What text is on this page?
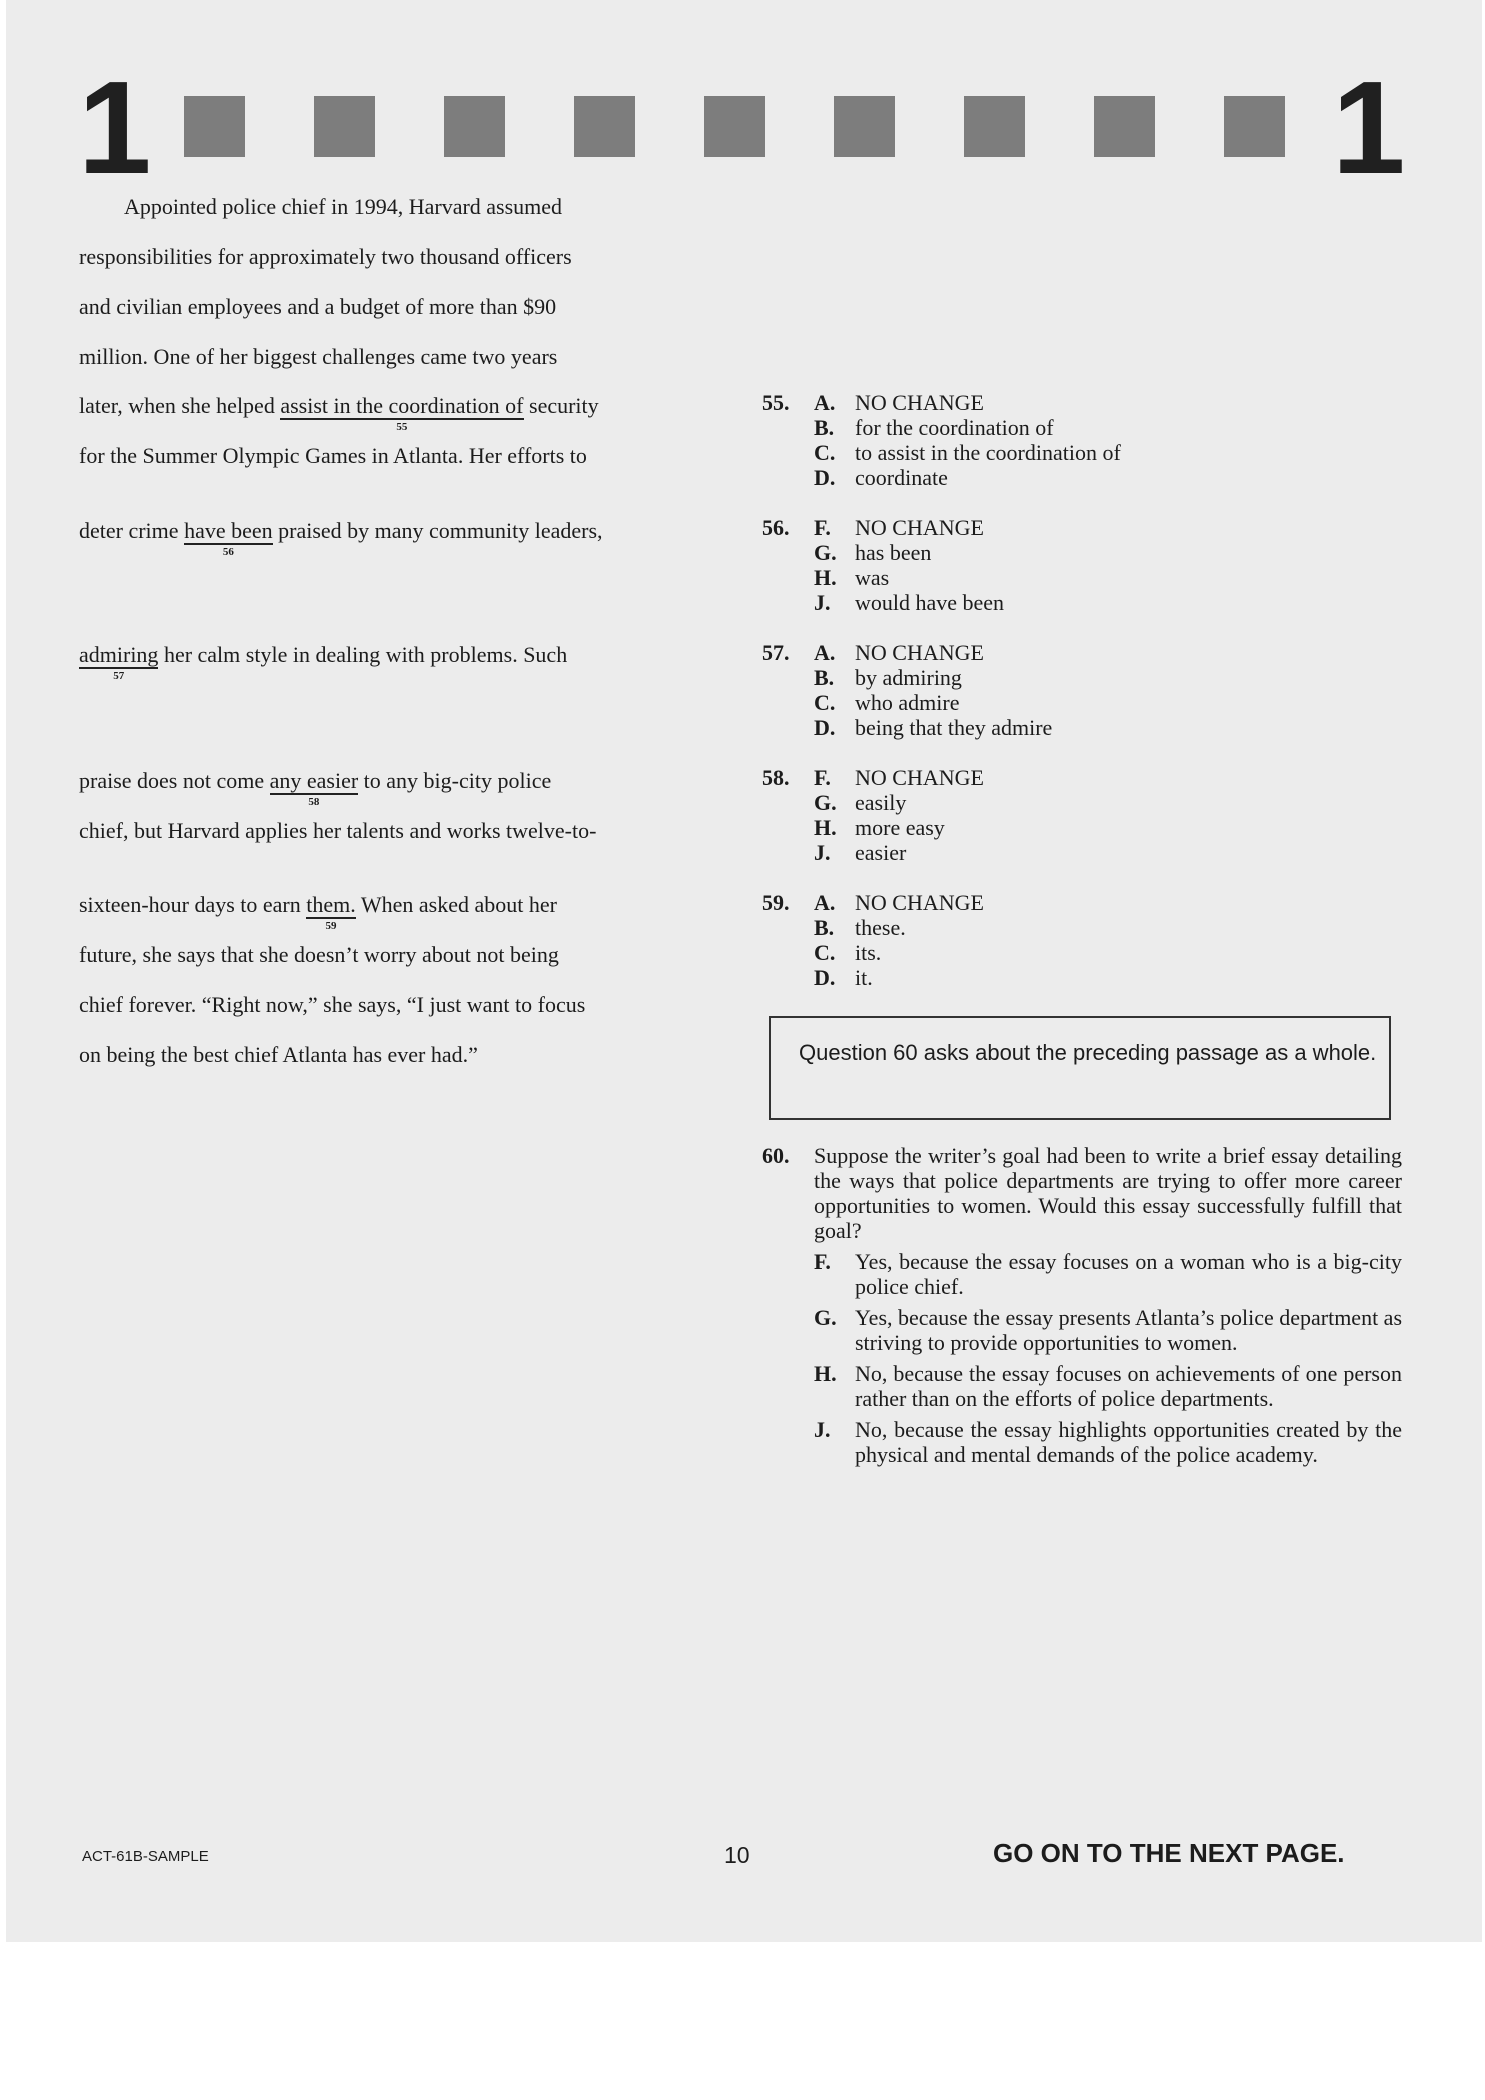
1	1
Appointed police chief in 1994, Harvard assumed
responsibilities for approximately two thousand officers
and civilian employees and a budget of more than $90
million. One of her biggest challenges came two years
later, when she helped assist in the coordination of
55
security
for the Summer Olympic Games in Atlanta. Her efforts to
deter crime have been
56
praised by many community leaders,
admiring
57
her calm style in dealing with problems. Such
praise does not come any easier
58
to any big-city police
chief, but Harvard applies her talents and works twelve-to-
sixteen-hour days to earn them.
59
When asked about her
future, she says that she doesn’t worry about not being
chief forever. “Right now,” she says, “I just want to focus
on being the best chief Atlanta has ever had.”
55. A. NO CHANGE
B. for the coordination of
C. to assist in the coordination of
D. coordinate
56. F. NO CHANGE
G. has been
H. was
J. would have been
57. A. NO CHANGE
B. by admiring
C. who admire
D. being that they admire
58. F. NO CHANGE
G. easily
H. more easy
J. easier
59. A. NO CHANGE
B. these.
C. its.
D. it.
Question 60 asks about the preceding passage as a whole.
60. Suppose the writer’s goal had been to write a brief essay detailing the ways that police departments are trying to offer more career opportunities to women. Would this essay successfully fulfill that goal?
F. Yes, because the essay focuses on a woman who is a big-city police chief.
G. Yes, because the essay presents Atlanta’s police department as striving to provide opportunities to women.
H. No, because the essay focuses on achievements of one person rather than on the efforts of police departments.
J. No, because the essay highlights opportunities created by the physical and mental demands of the police academy.
ACT-61B-SAMPLE	10	GO ON TO THE NEXT PAGE.
